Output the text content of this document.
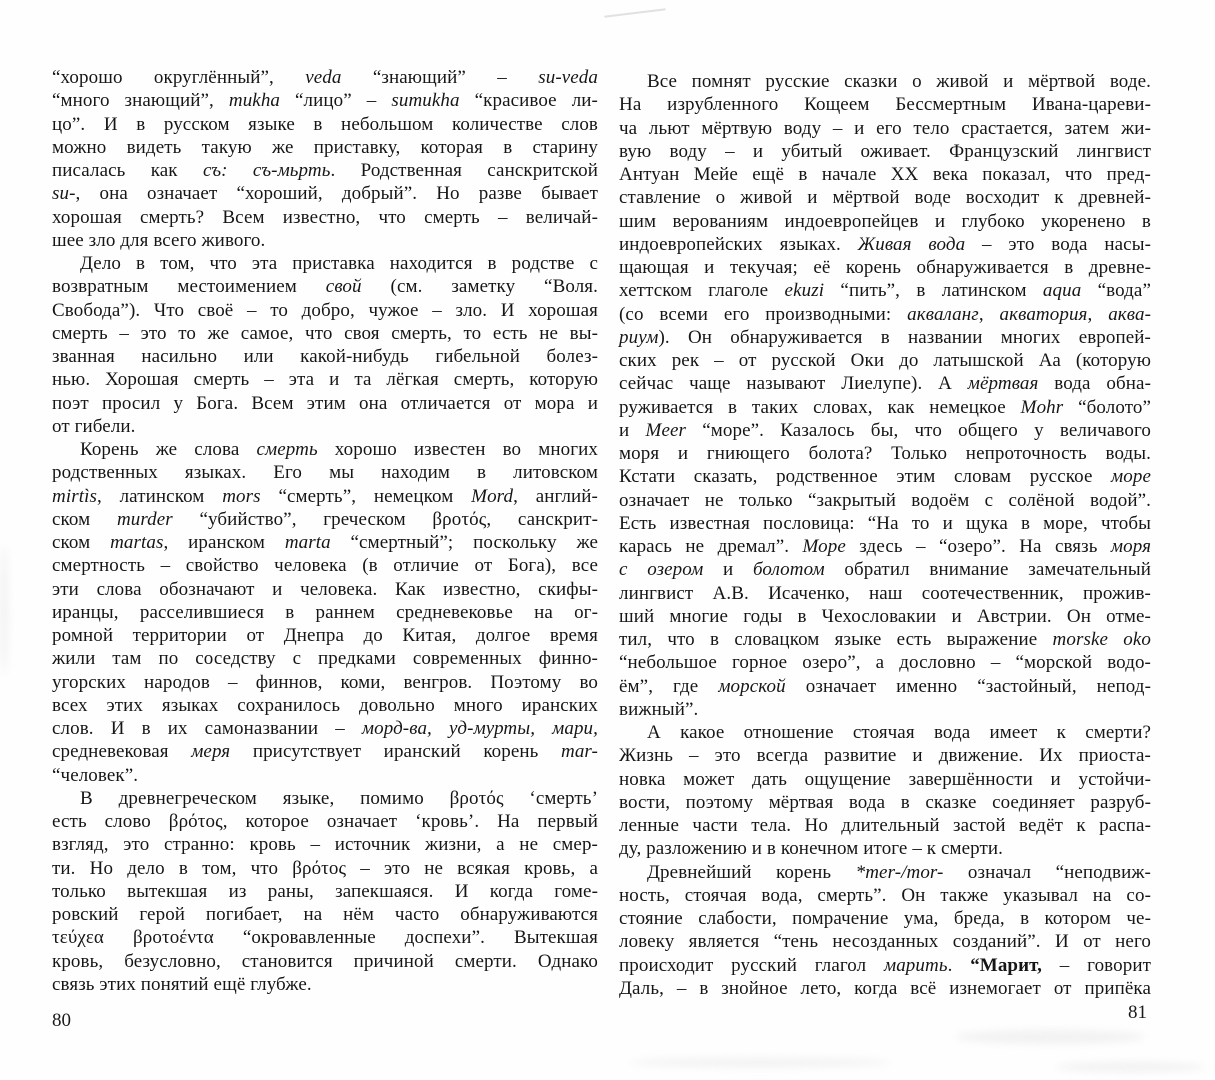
“хорошо округлённый”, veda “знающий” – su-veda
“много знающий”, mukha “лицо” – sumukha “красивое ли-
цо”. И в русском языке в небольшом количестве слов
можно видеть такую же приставку, которая в старину
писалась как съ: съ-мьрть. Родственная санскритской
su-, она означает “хороший, добрый”. Но разве бывает
хорошая смерть? Всем известно, что смерть – величай-
шее зло для всего живого.
Дело в том, что эта приставка находится в родстве с
возвратным местоимением свой (см. заметку “Воля.
Свобода”). Что своё – то добро, чужое – зло. И хорошая
смерть – это то же самое, что своя смерть, то есть не вы-
званная насильно или какой-нибудь гибельной болез-
нью. Хорошая смерть – эта и та лёгкая смерть, которую
поэт просил у Бога. Всем этим она отличается от мора и
от гибели.
Корень же слова смерть хорошо известен во многих
родственных языках. Его мы находим в литовском
mirtìs, латинском mors “смерть”, немецком Mord, англий-
ском murder “убийство”, греческом βροτός, санскрит-
ском martas, иранском marta “смертный”; поскольку же
смертность – свойство человека (в отличие от Бога), все
эти слова обозначают и человека. Как известно, скифы-
иранцы, расселившиеся в раннем средневековье на ог-
ромной территории от Днепра до Китая, долгое время
жили там по соседству с предками современных финно-
угорских народов – финнов, коми, венгров. Поэтому во
всех этих языках сохранилось довольно много иранских
слов. И в их самоназвании – морд-ва, уд-мурты, мари,
средневековая меря присутствует иранский корень mar-
“человек”.
В древнегреческом языке, помимо βροτός ‘смерть’
есть слово βρότος, которое означает ‘кровь’. На первый
взгляд, это странно: кровь – источник жизни, а не смер-
ти. Но дело в том, что βρότος – это не всякая кровь, а
только вытекшая из раны, запекшаяся. И когда гоме-
ровский герой погибает, на нём часто обнаруживаются
τεύχεα βροτοέντα “окровавленные доспехи”. Вытекшая
кровь, безусловно, становится причиной смерти. Однако
связь этих понятий ещё глубже.
Все помнят русские сказки о живой и мёртвой воде.
На изрубленного Кощеем Бессмертным Ивана-цареви-
ча льют мёртвую воду – и его тело срастается, затем жи-
вую воду – и убитый оживает. Французский лингвист
Антуан Мейе ещё в начале XX века показал, что пред-
ставление о живой и мёртвой воде восходит к древней-
шим верованиям индоевропейцев и глубоко укоренено в
индоевропейских языках. Живая вода – это вода насы-
щающая и текучая; её корень обнаруживается в древне-
хеттском глаголе ekuzi “пить”, в латинском aqua “вода”
(со всеми его производными: акваланг, акватория, аква-
риум). Он обнаруживается в названии многих европей-
ских рек – от русской Оки до латышской Аа (которую
сейчас чаще называют Лиелупе). А мёртвая вода обна-
руживается в таких словах, как немецкое Mohr “болото”
и Meer “море”. Казалось бы, что общего у величавого
моря и гниющего болота? Только непроточность воды.
Кстати сказать, родственное этим словам русское море
означает не только “закрытый водоём с солёной водой”.
Есть известная пословица: “На то и щука в море, чтобы
карась не дремал”. Море здесь – “озеро”. На связь моря
с озером и болотом обратил внимание замечательный
лингвист А.В. Исаченко, наш соотечественник, прожив-
ший многие годы в Чехословакии и Австрии. Он отме-
тил, что в словацком языке есть выражение morske oko
“небольшое горное озеро”, а дословно – “морской водо-
ём”, где морской означает именно “застойный, непод-
вижный”.
А какое отношение стоячая вода имеет к смерти?
Жизнь – это всегда развитие и движение. Их приоста-
новка может дать ощущение завершённости и устойчи-
вости, поэтому мёртвая вода в сказке соединяет разруб-
ленные части тела. Но длительный застой ведёт к распа-
ду, разложению и в конечном итоге – к смерти.
Древнейший корень *mer-/mor- означал “неподвиж-
ность, стоячая вода, смерть”. Он также указывал на со-
стояние слабости, помрачение ума, бреда, в котором че-
ловеку является “тень несозданных созданий”. И от него
происходит русский глагол марить. “Марит, – говорит
Даль, – в знойное лето, когда всё изнемогает от припёка
80	81
